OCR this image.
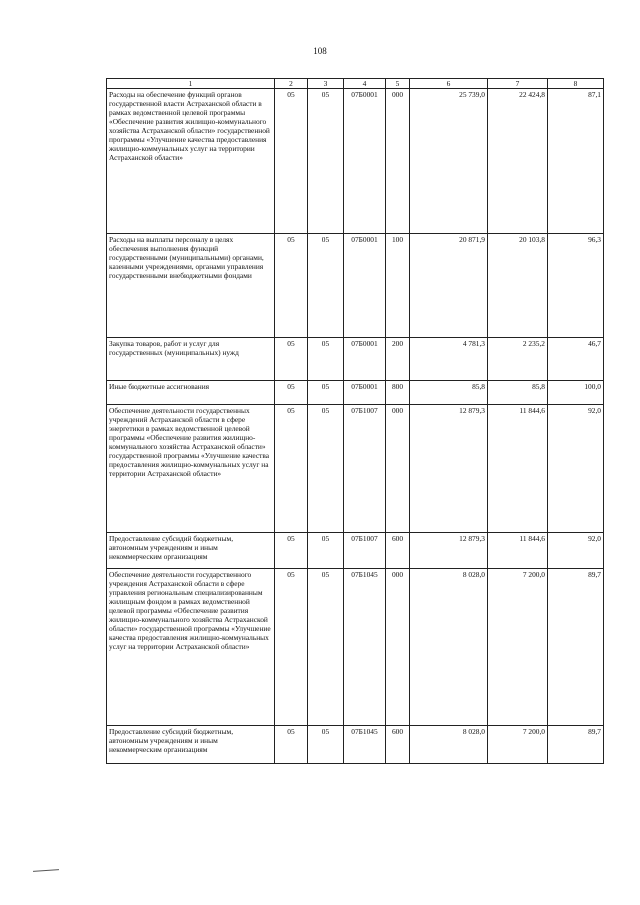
108
1	2	3	4	5	6	7	8
Расходы на обеспечение функций органов государственной власти Астраханской области в рамках ведомственной целевой программы «Обеспечение развития жилищно-коммунального хозяйства Астраханской области» государственной программы «Улучшение качества предоставления жилищно-коммунальных услуг на территории Астраханской области»	05	05	07Б0001	000	25 739,0	22 424,8	87,1
Расходы на выплаты персоналу в целях обеспечения выполнения функций государственными (муниципальными) органами, казенными учреждениями, органами управления государственными внебюджетными фондами	05	05	07Б0001	100	20 871,9	20 103,8	96,3
Закупка товаров, работ и услуг для государственных (муниципальных) нужд	05	05	07Б0001	200	4 781,3	2 235,2	46,7
Иные бюджетные ассигнования	05	05	07Б0001	800	85,8	85,8	100,0
Обеспечение деятельности государственных учреждений Астраханской области в сфере энергетики в рамках ведомственной целевой программы «Обеспечение развития жилищно-коммунального хозяйства Астраханской области» государственной программы «Улучшение качества предоставления жилищно-коммунальных услуг на территории Астраханской области»	05	05	07Б1007	000	12 879,3	11 844,6	92,0
Предоставление субсидий бюджетным, автономным учреждениям и иным некоммерческим организациям	05	05	07Б1007	600	12 879,3	11 844,6	92,0
Обеспечение деятельности государственного учреждения Астраханской области в сфере управления региональным специализированным жилищным фондом в рамках ведомственной целевой программы «Обеспечение развития жилищно-коммунального хозяйства Астраханской области» государственной программы «Улучшение качества предоставления жилищно-коммунальных услуг на территории Астраханской области»	05	05	07Б1045	000	8 028,0	7 200,0	89,7
Предоставление субсидий бюджетным, автономным учреждениям и иным некоммерческим организациям	05	05	07Б1045	600	8 028,0	7 200,0	89,7
